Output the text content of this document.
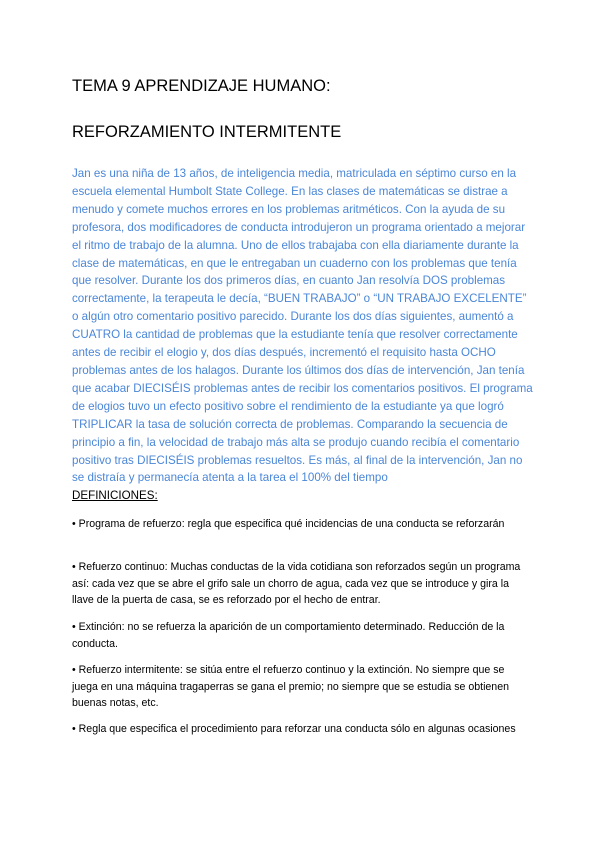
TEMA 9 APRENDIZAJE HUMANO:
REFORZAMIENTO INTERMITENTE

Jan es una niña de 13 años, de inteligencia media, matriculada en séptimo curso en la escuela elemental Humbolt State College. En las clases de matemáticas se distrae a menudo y comete muchos errores en los problemas aritméticos. Con la ayuda de su profesora, dos modificadores de conducta introdujeron un programa orientado a mejorar el ritmo de trabajo de la alumna. Uno de ellos trabajaba con ella diariamente durante la clase de matemáticas, en que le entregaban un cuaderno con los problemas que tenía que resolver. Durante los dos primeros días, en cuanto Jan resolvía DOS problemas correctamente, la terapeuta le decía, “BUEN TRABAJO” o “UN TRABAJO EXCELENTE” o algún otro comentario positivo parecido. Durante los dos días siguientes, aumentó a CUATRO la cantidad de problemas que la estudiante tenía que resolver correctamente antes de recibir el elogio y, dos días después, incrementó el requisito hasta OCHO problemas antes de los halagos. Durante los últimos dos días de intervención, Jan tenía que acabar DIECISÉIS problemas antes de recibir los comentarios positivos. El programa de elogios tuvo un efecto positivo sobre el rendimiento de la estudiante ya que logró TRIPLICAR la tasa de solución correcta de problemas. Comparando la secuencia de principio a fin, la velocidad de trabajo más alta se produjo cuando recibía el comentario positivo tras DIECISÉIS problemas resueltos. Es más, al final de la intervención, Jan no se distraía y permanecía atenta a la tarea el 100% del tiempo

DEFINICIONES:

• Programa de refuerzo: regla que especifica qué incidencias de una conducta se reforzarán

• Refuerzo continuo: Muchas conductas de la vida cotidiana son reforzados según un programa así: cada vez que se abre el grifo sale un chorro de agua, cada vez que se introduce y gira la llave de la puerta de casa, se es reforzado por el hecho de entrar.

• Extinción: no se refuerza la aparición de un comportamiento determinado. Reducción de la conducta.

• Refuerzo intermitente: se sitúa entre el refuerzo continuo y la extinción. No siempre que se juega en una máquina tragaperras se gana el premio; no siempre que se estudia se obtienen buenas notas, etc.

• Regla que especifica el procedimiento para reforzar una conducta sólo en algunas ocasiones
